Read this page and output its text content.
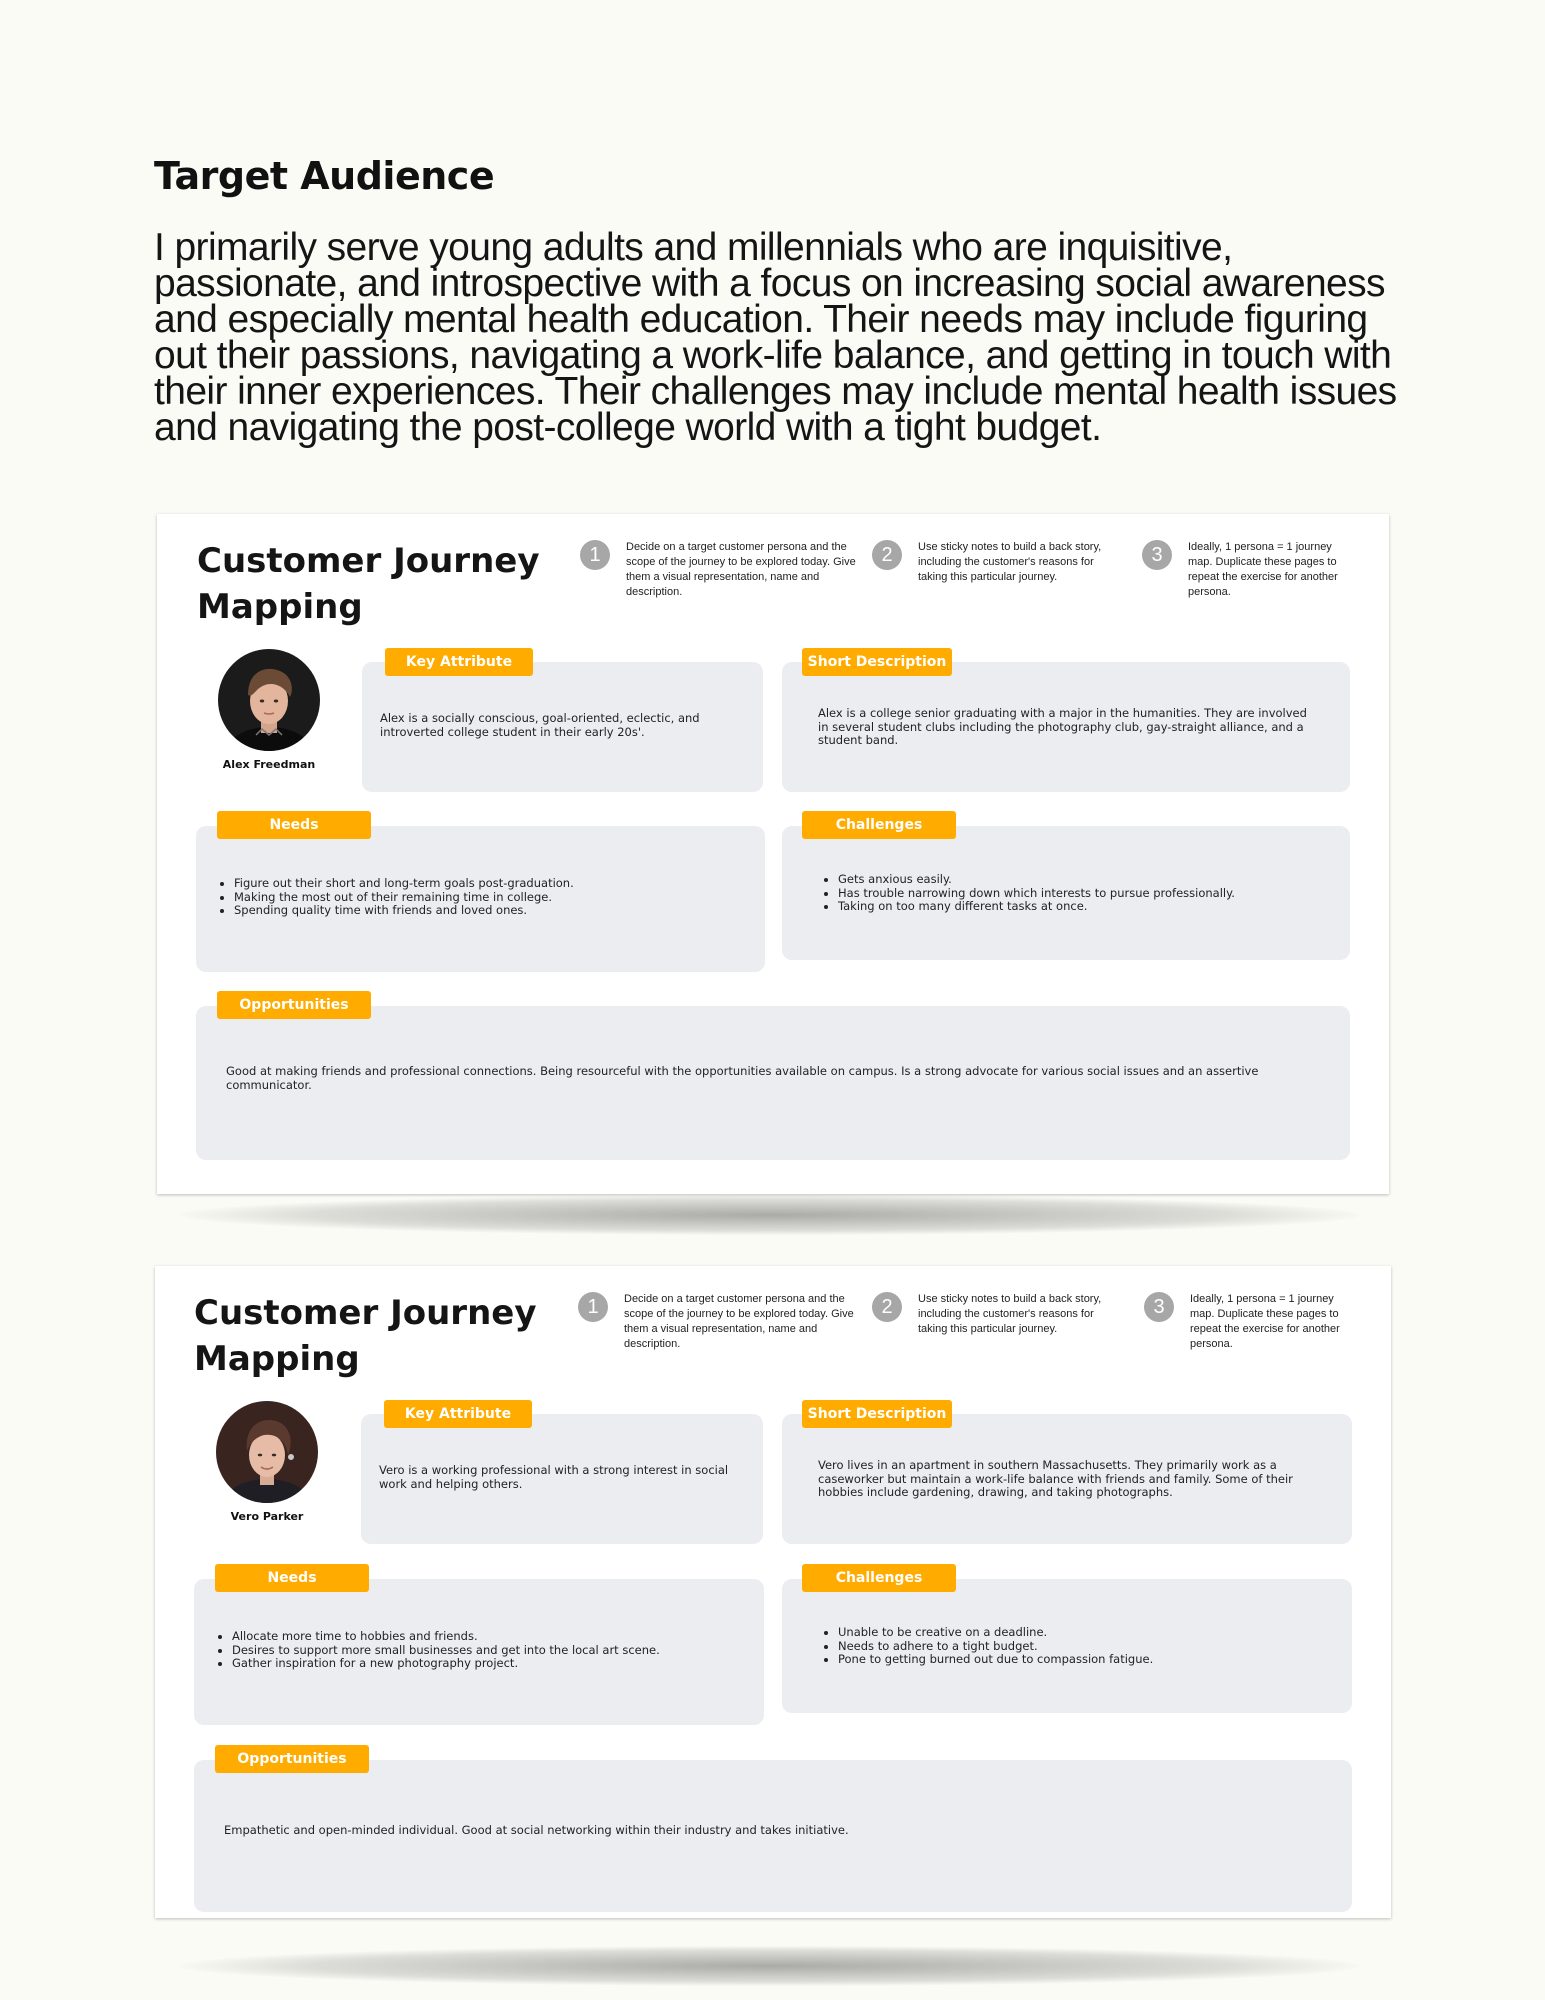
Target Audience

I primarily serve young adults and millennials who are inquisitive, passionate, and introspective with a focus on increasing social awareness and especially mental health education. Their needs may include figuring out their passions, navigating a work-life balance, and getting in touch with their inner experiences. Their challenges may include mental health issues and navigating the post-college world with a tight budget.

Customer Journey Mapping
1	Decide on a target customer persona and the scope of the journey to be explored today. Give them a visual representation, name and description.
2	Use sticky notes to build a back story, including the customer's reasons for taking this particular journey.
3	Ideally, 1 persona = 1 journey map. Duplicate these pages to repeat the exercise for another persona.
Alex Freedman

Alex is a socially conscious, goal-oriented, eclectic, and introverted college student in their early 20s'.

Key Attribute

Alex is a college senior graduating with a major in the humanities. They are involved in several student clubs including the photography club, gay-straight alliance, and a student band.

Short Description
• Figure out their short and long-term goals post-graduation.
• Making the most out of their remaining time in college.
• Spending quality time with friends and loved ones.
Needs
• Gets anxious easily.
• Has trouble narrowing down which interests to pursue professionally.
• Taking on too many different tasks at once.
Challenges

Good at making friends and professional connections. Being resourceful with the opportunities available on campus. Is a strong advocate for various social issues and an assertive communicator.

Opportunities
Customer Journey Mapping
1	Decide on a target customer persona and the scope of the journey to be explored today. Give them a visual representation, name and description.
2	Use sticky notes to build a back story, including the customer's reasons for taking this particular journey.
3	Ideally, 1 persona = 1 journey map. Duplicate these pages to repeat the exercise for another persona.
Vero Parker

Vero is a working professional with a strong interest in social work and helping others.

Key Attribute

Vero lives in an apartment in southern Massachusetts. They primarily work as a caseworker but maintain a work-life balance with friends and family. Some of their hobbies include gardening, drawing, and taking photographs.

Short Description
• Allocate more time to hobbies and friends.
• Desires to support more small businesses and get into the local art scene.
• Gather inspiration for a new photography project.
Needs
• Unable to be creative on a deadline.
• Needs to adhere to a tight budget.
• Pone to getting burned out due to compassion fatigue.
Challenges

Empathetic and open-minded individual. Good at social networking within their industry and takes initiative.

Opportunities
